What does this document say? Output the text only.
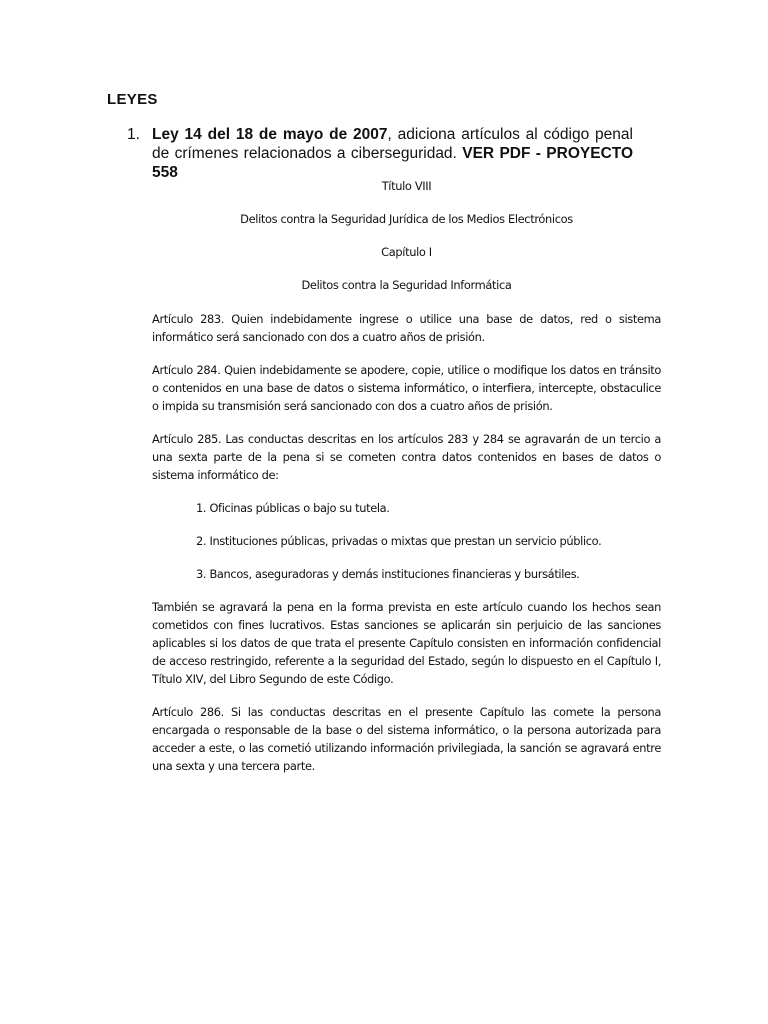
LEYES
1. Ley 14 del 18 de mayo de 2007, adiciona artículos al código penal de crímenes relacionados a ciberseguridad. VER PDF - PROYECTO 558

Título VIII

Delitos contra la Seguridad Jurídica de los Medios Electrónicos

Capítulo I

Delitos contra la Seguridad Informática

Artículo 283. Quien indebidamente ingrese o utilice una base de datos, red o sistema informático será sancionado con dos a cuatro años de prisión.

Artículo 284. Quien indebidamente se apodere, copie, utilice o modifique los datos en tránsito o contenidos en una base de datos o sistema informático, o interfiera, intercepte, obstaculice o impida su transmisión será sancionado con dos a cuatro años de prisión.

Artículo 285. Las conductas descritas en los artículos 283 y 284 se agravarán de un tercio a una sexta parte de la pena si se cometen contra datos contenidos en bases de datos o sistema informático de:

1. Oficinas públicas o bajo su tutela.

2. Instituciones públicas, privadas o mixtas que prestan un servicio público.

3. Bancos, aseguradoras y demás instituciones financieras y bursátiles.

También se agravará la pena en la forma prevista en este artículo cuando los hechos sean cometidos con fines lucrativos. Estas sanciones se aplicarán sin perjuicio de las sanciones aplicables si los datos de que trata el presente Capítulo consisten en información confidencial de acceso restringido, referente a la seguridad del Estado, según lo dispuesto en el Capítulo I, Título XIV, del Libro Segundo de este Código.

Artículo 286. Si las conductas descritas en el presente Capítulo las comete la persona encargada o responsable de la base o del sistema informático, o la persona autorizada para acceder a este, o las cometió utilizando información privilegiada, la sanción se agravará entre una sexta y una tercera parte.
